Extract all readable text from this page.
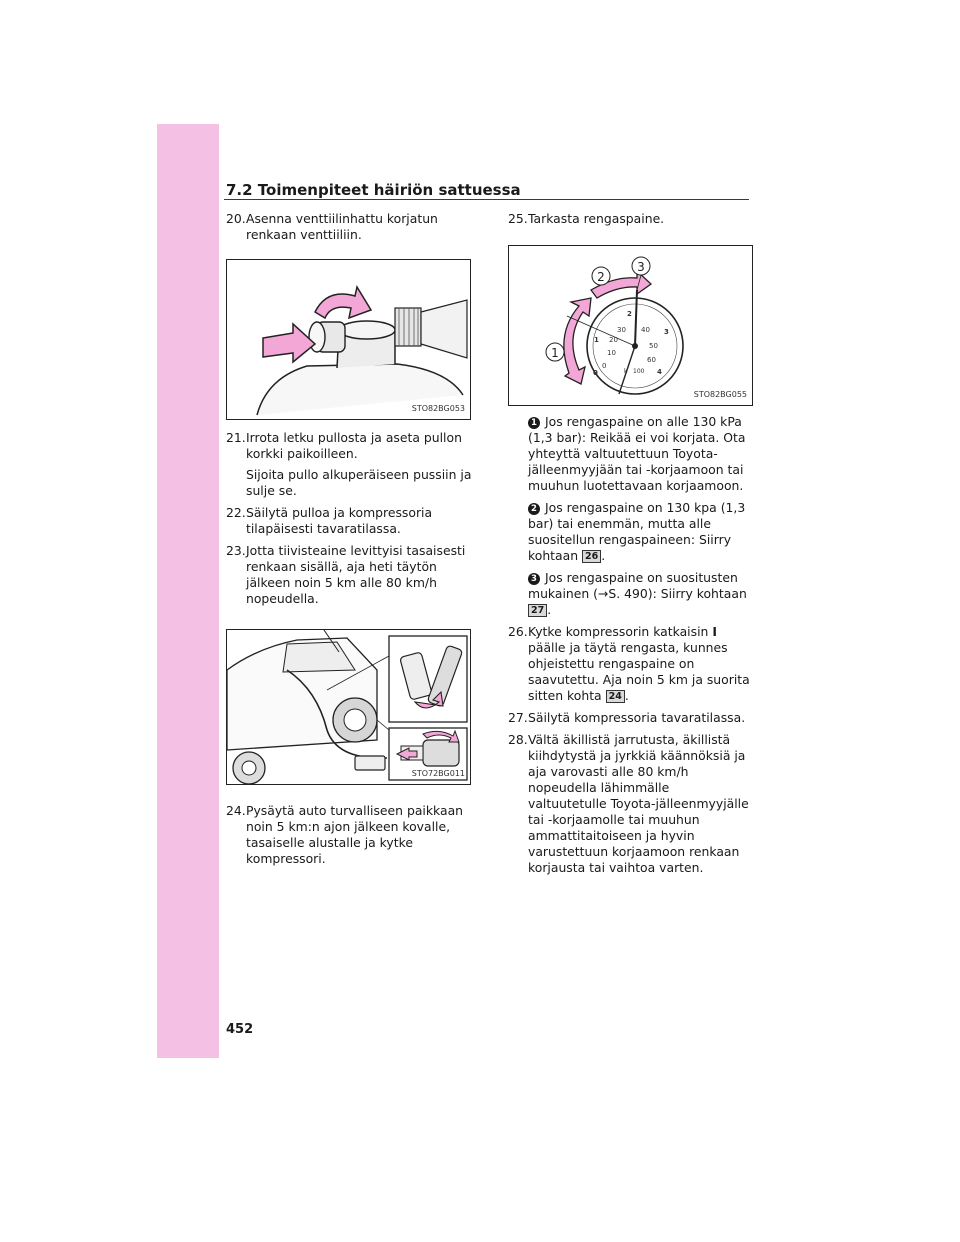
7.2 Toimenpiteet häiriön sattuessa

20. Asenna venttiilinhattu korjatun renkaan venttiiliin.

STO82BG053

21. Irrota letku pullosta ja aseta pullon korkki paikoilleen.

Sijoita pullo alkuperäiseen pussiin ja sulje se.

22. Säilytä pulloa ja kompressoria tilapäisesti tavaratilassa.

23. Jotta tiivisteaine levittyisi tasaisesti renkaan sisällä, aja heti täytön jälkeen noin 5 km alle 80 km/h nopeudella.

STO72BG011

24. Pysäytä auto turvalliseen paikkaan noin 5 km:n ajon jälkeen kovalle, tasaiselle alustalle ja kytke kompressori.

25. Tarkasta rengaspaine.

0
10
20
30 40
50
60
100
k
0
1
2
3
4
1
2
3
STO82BG055
1 Jos rengaspaine on alle 130 kPa (1,3 bar): Reikää ei voi korjata. Ota yhteyttä valtuutettuun Toyota-jälleenmyyjään tai -korjaamoon tai muuhun luotettavaan korjaamoon.
2 Jos rengaspaine on 130 kpa (1,3 bar) tai enemmän, mutta alle suositellun rengaspaineen: Siirry kohtaan 26 .
3 Jos rengaspaine on suositusten mukainen (→S. 490): Siirry kohtaan 27 .

26. Kytke kompressorin katkaisin I päälle ja täytä rengasta, kunnes ohjeistettu rengaspaine on saavutettu. Aja noin 5 km ja suorita sitten kohta 24 .

27. Säilytä kompressoria tavaratilassa.

28. Vältä äkillistä jarrutusta, äkillistä kiihdytystä ja jyrkkiä käännöksiä ja aja varovasti alle 80 km/h nopeudella lähimmälle valtuutetulle Toyota-jälleenmyyjälle tai -korjaamolle tai muuhun ammattitaitoiseen ja hyvin varustettuun korjaamoon renkaan korjausta tai vaihtoa varten.

452
